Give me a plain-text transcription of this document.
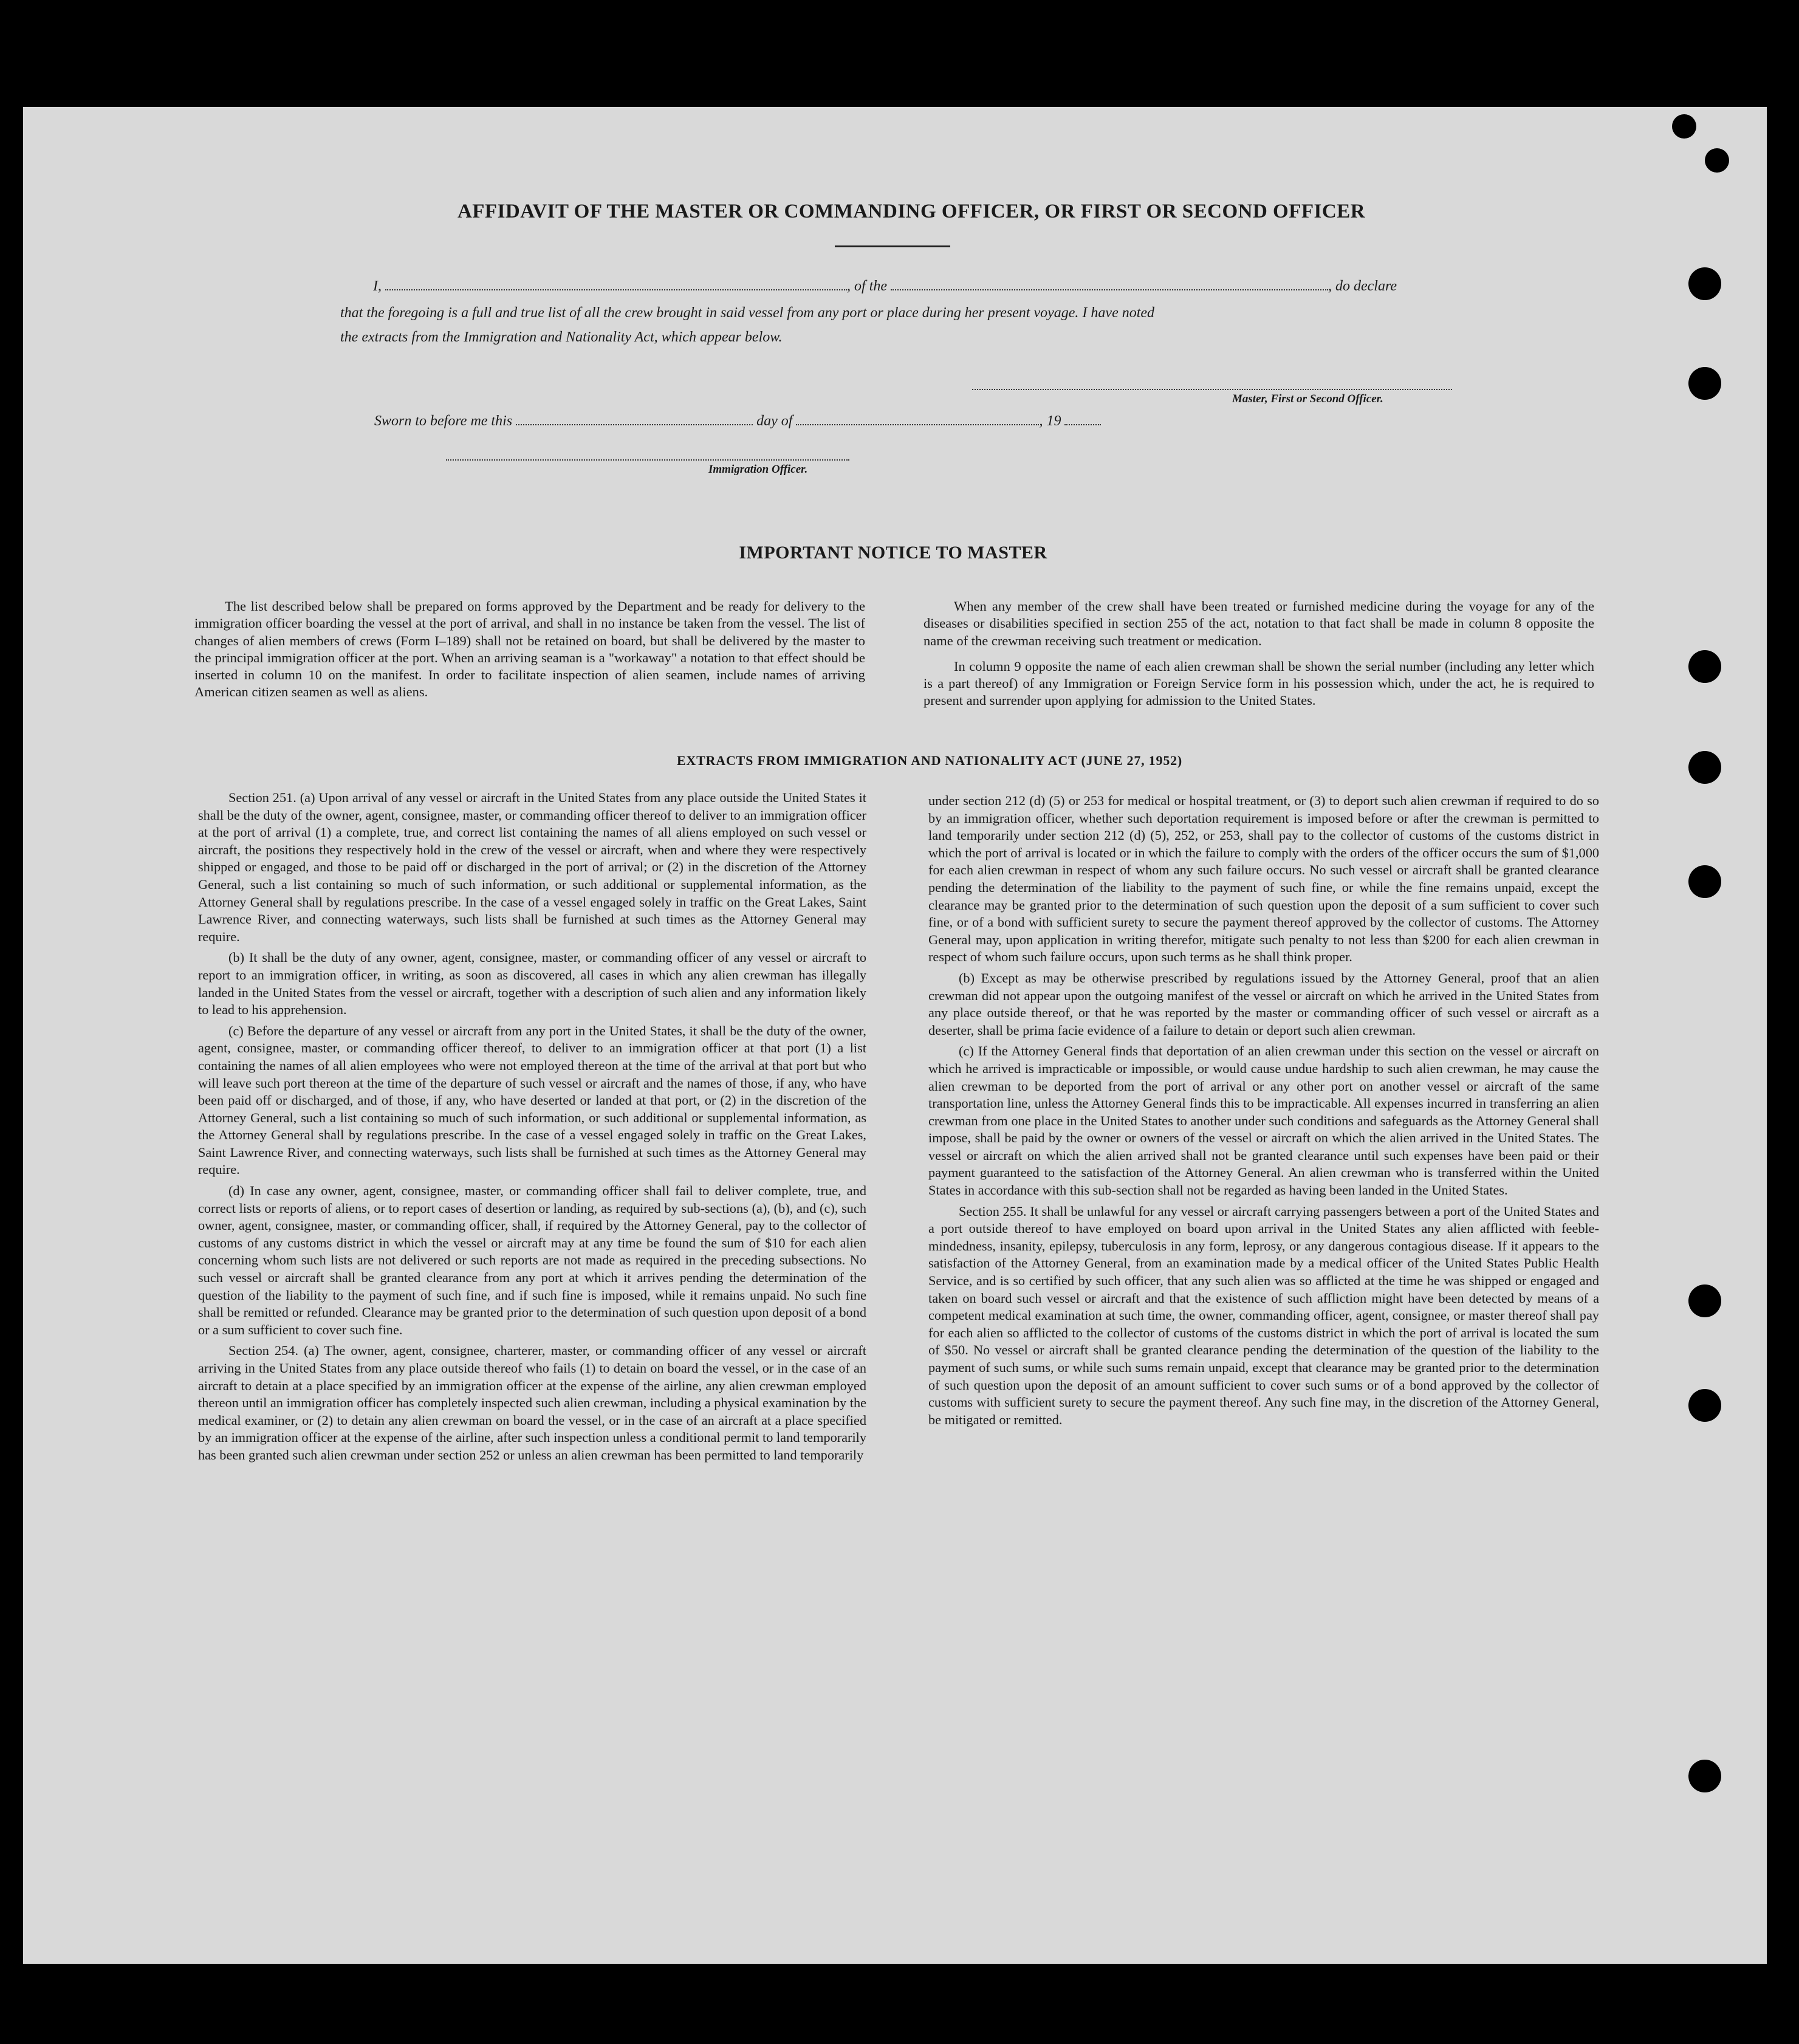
AFFIDAVIT OF THE MASTER OR COMMANDING OFFICER, OR FIRST OR SECOND OFFICER
I,	, of the	, do declare
that the foregoing is a full and true list of all the crew brought in said vessel from any port or place during her present voyage. I have noted
the extracts from the Immigration and Nationality Act, which appear below.
Master, First or Second Officer.
Sworn to before me this	day of	, 19
Immigration Officer.

IMPORTANT NOTICE TO MASTER

The list described below shall be prepared on forms approved by the Department and be ready for delivery to the immigration officer boarding the vessel at the port of arrival, and shall in no instance be taken from the vessel. The list of changes of alien members of crews (Form I–189) shall not be retained on board, but shall be delivered by the master to the principal immigration officer at the port. When an arriving seaman is a "workaway" a notation to that effect should be inserted in column 10 on the manifest. In order to facilitate inspection of alien seamen, include names of arriving American citizen seamen as well as aliens.

When any member of the crew shall have been treated or furnished medicine during the voyage for any of the diseases or disabilities specified in section 255 of the act, notation to that fact shall be made in column 8 opposite the name of the crewman receiving such treatment or medication.

In column 9 opposite the name of each alien crewman shall be shown the serial number (including any letter which is a part thereof) of any Immigration or Foreign Service form in his possession which, under the act, he is required to present and surrender upon applying for admission to the United States.

EXTRACTS FROM IMMIGRATION AND NATIONALITY ACT (JUNE 27, 1952)

Section 251. (a) Upon arrival of any vessel or aircraft in the United States from any place outside the United States it shall be the duty of the owner, agent, consignee, master, or commanding officer thereof to deliver to an immigration officer at the port of arrival (1) a complete, true, and correct list containing the names of all aliens employed on such vessel or aircraft, the positions they respectively hold in the crew of the vessel or aircraft, when and where they were respectively shipped or engaged, and those to be paid off or discharged in the port of arrival; or (2) in the discretion of the Attorney General, such a list containing so much of such information, or such additional or supplemental information, as the Attorney General shall by regulations prescribe. In the case of a vessel engaged solely in traffic on the Great Lakes, Saint Lawrence River, and connecting waterways, such lists shall be furnished at such times as the Attorney General may require.

(b) It shall be the duty of any owner, agent, consignee, master, or commanding officer of any vessel or aircraft to report to an immigration officer, in writing, as soon as discovered, all cases in which any alien crewman has illegally landed in the United States from the vessel or aircraft, together with a description of such alien and any information likely to lead to his apprehension.

(c) Before the departure of any vessel or aircraft from any port in the United States, it shall be the duty of the owner, agent, consignee, master, or commanding officer thereof, to deliver to an immigration officer at that port (1) a list containing the names of all alien employees who were not employed thereon at the time of the arrival at that port but who will leave such port thereon at the time of the departure of such vessel or aircraft and the names of those, if any, who have been paid off or discharged, and of those, if any, who have deserted or landed at that port, or (2) in the discretion of the Attorney General, such a list containing so much of such information, or such additional or supplemental information, as the Attorney General shall by regulations prescribe. In the case of a vessel engaged solely in traffic on the Great Lakes, Saint Lawrence River, and connecting waterways, such lists shall be furnished at such times as the Attorney General may require.

(d) In case any owner, agent, consignee, master, or commanding officer shall fail to deliver complete, true, and correct lists or reports of aliens, or to report cases of desertion or landing, as required by sub-sections (a), (b), and (c), such owner, agent, consignee, master, or commanding officer, shall, if required by the Attorney General, pay to the collector of customs of any customs district in which the vessel or aircraft may at any time be found the sum of $10 for each alien concerning whom such lists are not delivered or such reports are not made as required in the preceding subsections. No such vessel or aircraft shall be granted clearance from any port at which it arrives pending the determination of the question of the liability to the payment of such fine, and if such fine is imposed, while it remains unpaid. No such fine shall be remitted or refunded. Clearance may be granted prior to the determination of such question upon deposit of a bond or a sum sufficient to cover such fine.

Section 254. (a) The owner, agent, consignee, charterer, master, or commanding officer of any vessel or aircraft arriving in the United States from any place outside thereof who fails (1) to detain on board the vessel, or in the case of an aircraft to detain at a place specified by an immigration officer at the expense of the airline, any alien crewman employed thereon until an immigration officer has completely inspected such alien crewman, including a physical examination by the medical examiner, or (2) to detain any alien crewman on board the vessel, or in the case of an aircraft at a place specified by an immigration officer at the expense of the airline, after such inspection unless a conditional permit to land temporarily has been granted such alien crewman under section 252 or unless an alien crewman has been permitted to land temporarily

under section 212 (d) (5) or 253 for medical or hospital treatment, or (3) to deport such alien crewman if required to do so by an immigration officer, whether such deportation requirement is imposed before or after the crewman is permitted to land temporarily under section 212 (d) (5), 252, or 253, shall pay to the collector of customs of the customs district in which the port of arrival is located or in which the failure to comply with the orders of the officer occurs the sum of $1,000 for each alien crewman in respect of whom any such failure occurs. No such vessel or aircraft shall be granted clearance pending the determination of the liability to the payment of such fine, or while the fine remains unpaid, except the clearance may be granted prior to the determination of such question upon the deposit of a sum sufficient to cover such fine, or of a bond with sufficient surety to secure the payment thereof approved by the collector of customs. The Attorney General may, upon application in writing therefor, mitigate such penalty to not less than $200 for each alien crewman in respect of whom such failure occurs, upon such terms as he shall think proper.

(b) Except as may be otherwise prescribed by regulations issued by the Attorney General, proof that an alien crewman did not appear upon the outgoing manifest of the vessel or aircraft on which he arrived in the United States from any place outside thereof, or that he was reported by the master or commanding officer of such vessel or aircraft as a deserter, shall be prima facie evidence of a failure to detain or deport such alien crewman.

(c) If the Attorney General finds that deportation of an alien crewman under this section on the vessel or aircraft on which he arrived is impracticable or impossible, or would cause undue hardship to such alien crewman, he may cause the alien crewman to be deported from the port of arrival or any other port on another vessel or aircraft of the same transportation line, unless the Attorney General finds this to be impracticable. All expenses incurred in transferring an alien crewman from one place in the United States to another under such conditions and safeguards as the Attorney General shall impose, shall be paid by the owner or owners of the vessel or aircraft on which the alien arrived in the United States. The vessel or aircraft on which the alien arrived shall not be granted clearance until such expenses have been paid or their payment guaranteed to the satisfaction of the Attorney General. An alien crewman who is transferred within the United States in accordance with this sub-section shall not be regarded as having been landed in the United States.

Section 255. It shall be unlawful for any vessel or aircraft carrying passengers between a port of the United States and a port outside thereof to have employed on board upon arrival in the United States any alien afflicted with feeble-mindedness, insanity, epilepsy, tuberculosis in any form, leprosy, or any dangerous contagious disease. If it appears to the satisfaction of the Attorney General, from an examination made by a medical officer of the United States Public Health Service, and is so certified by such officer, that any such alien was so afflicted at the time he was shipped or engaged and taken on board such vessel or aircraft and that the existence of such affliction might have been detected by means of a competent medical examination at such time, the owner, commanding officer, agent, consignee, or master thereof shall pay for each alien so afflicted to the collector of customs of the customs district in which the port of arrival is located the sum of $50. No vessel or aircraft shall be granted clearance pending the determination of the question of the liability to the payment of such sums, or while such sums remain unpaid, except that clearance may be granted prior to the determination of such question upon the deposit of an amount sufficient to cover such sums or of a bond approved by the collector of customs with sufficient surety to secure the payment thereof. Any such fine may, in the discretion of the Attorney General, be mitigated or remitted.
